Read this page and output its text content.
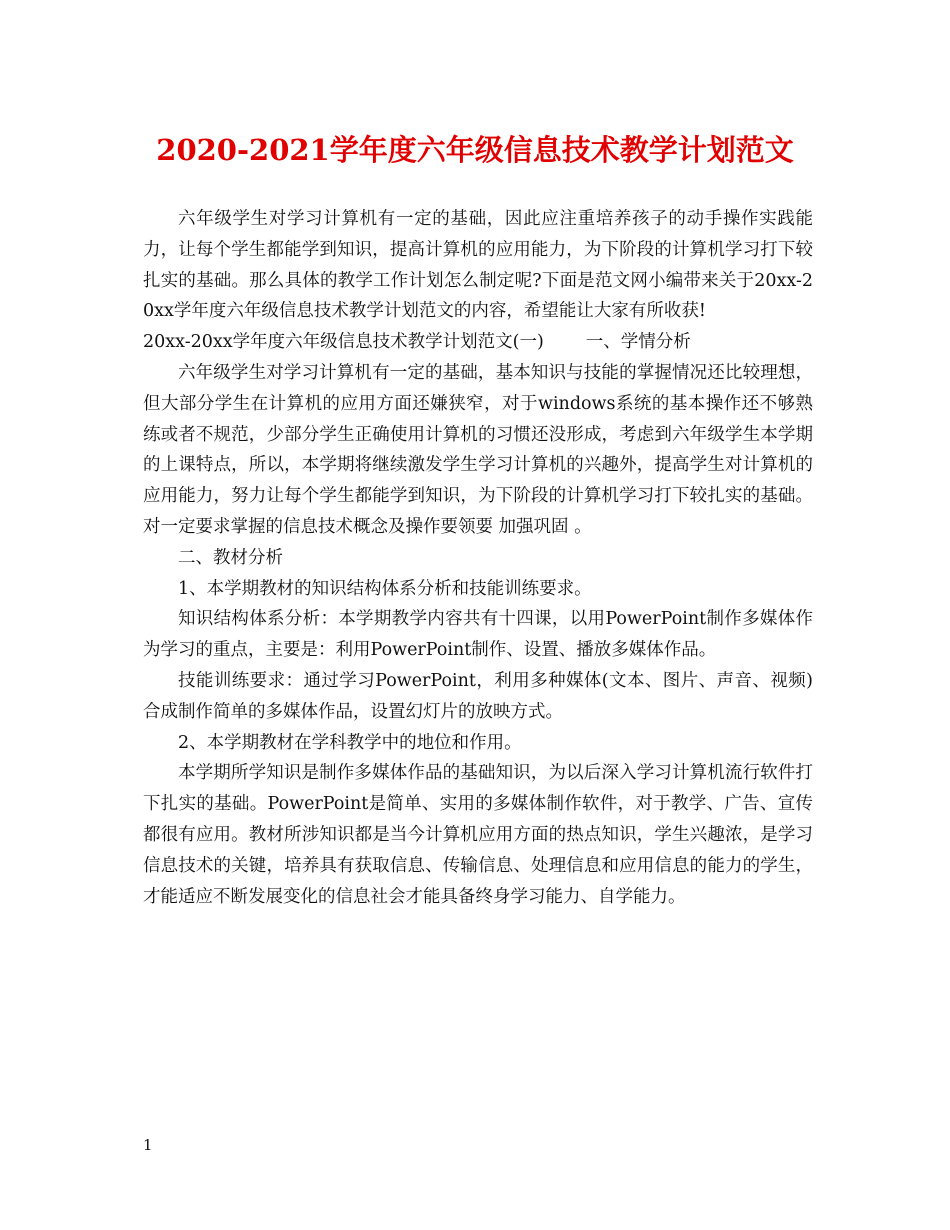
2020-2021学年度六年级信息技术教学计划范文

六年级学生对学习计算机有一定的基础，因此应注重培养孩子的动手操作实践能力，让每个学生都能学到知识，提高计算机的应用能力，为下阶段的计算机学习打下较扎实的基础。那么具体的教学工作计划怎么制定呢?下面是范文网小编带来关于20xx-20xx学年度六年级信息技术教学计划范文的内容，希望能让大家有所收获!

20xx-20xx学年度六年级信息技术教学计划范文(一) 一、学情分析

六年级学生对学习计算机有一定的基础，基本知识与技能的掌握情况还比较理想，但大部分学生在计算机的应用方面还嫌狭窄，对于windows系统的基本操作还不够熟练或者不规范，少部分学生正确使用计算机的习惯还没形成，考虑到六年级学生本学期的上课特点，所以，本学期将继续激发学生学习计算机的兴趣外，提高学生对计算机的应用能力，努力让每个学生都能学到知识，为下阶段的计算机学习打下较扎实的基础。对一定要求掌握的信息技术概念及操作要领要 加强巩固 。

二、教材分析

1、本学期教材的知识结构体系分析和技能训练要求。

知识结构体系分析：本学期教学内容共有十四课，以用PowerPoint制作多媒体作为学习的重点，主要是：利用PowerPoint制作、设置、播放多媒体作品。

技能训练要求：通过学习PowerPoint，利用多种媒体(文本、图片、声音、视频)合成制作简单的多媒体作品，设置幻灯片的放映方式。

2、本学期教材在学科教学中的地位和作用。

本学期所学知识是制作多媒体作品的基础知识，为以后深入学习计算机流行软件打下扎实的基础。PowerPoint是简单、实用的多媒体制作软件，对于教学、广告、宣传都很有应用。教材所涉知识都是当今计算机应用方面的热点知识，学生兴趣浓，是学习信息技术的关键，培养具有获取信息、传输信息、处理信息和应用信息的能力的学生，才能适应不断发展变化的信息社会才能具备终身学习能力、自学能力。

1
